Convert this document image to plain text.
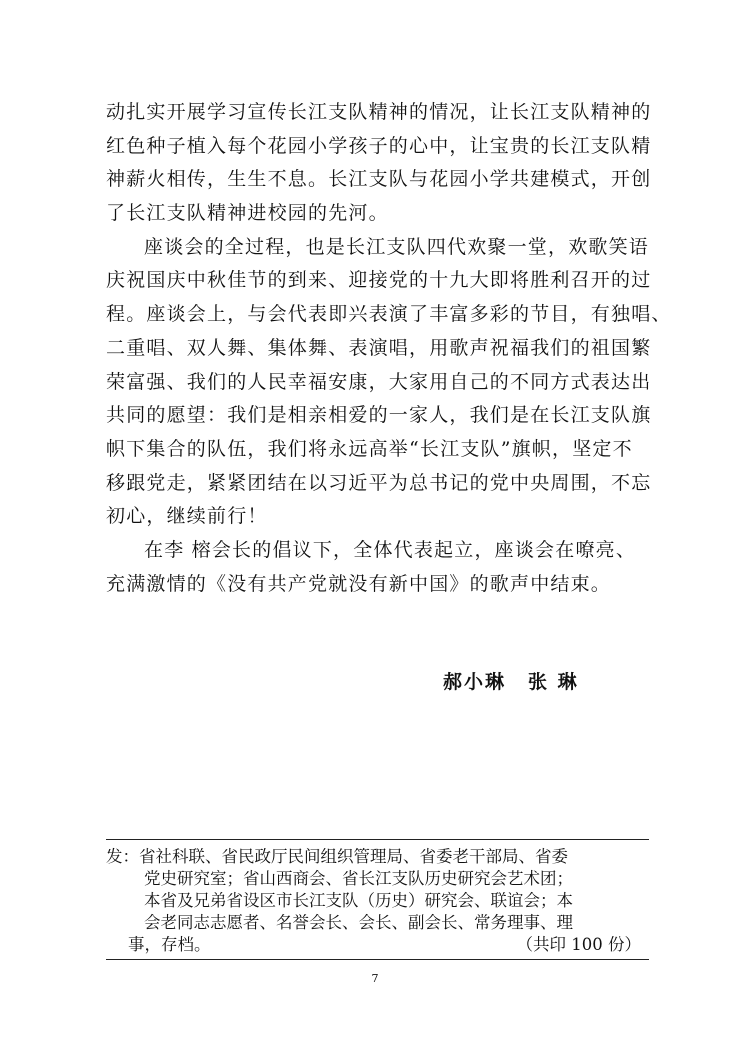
动扎实开展学习宣传长江支队精神的情况，让长江支队精神的
红色种子植入每个花园小学孩子的心中，让宝贵的长江支队精
神薪火相传，生生不息。长江支队与花园小学共建模式，开创
了长江支队精神进校园的先河。
座谈会的全过程，也是长江支队四代欢聚一堂，欢歌笑语
庆祝国庆中秋佳节的到来、迎接党的十九大即将胜利召开的过
程。座谈会上，与会代表即兴表演了丰富多彩的节目，有独唱、
二重唱、双人舞、集体舞、表演唱，用歌声祝福我们的祖国繁
荣富强、我们的人民幸福安康，大家用自己的不同方式表达出
共同的愿望：我们是相亲相爱的一家人，我们是在长江支队旗
帜下集合的队伍，我们将永远高举“长江支队”旗帜，坚定不
移跟党走，紧紧团结在以习近平为总书记的党中央周围，不忘
初心，继续前行！
在李 榕会长的倡议下，全体代表起立，座谈会在嘹亮、
充满激情的《没有共产党就没有新中国》的歌声中结束。
郝小琳 张 琳
发：省社科联、省民政厅民间组织管理局、省委老干部局、省委
党史研究室；省山西商会、省长江支队历史研究会艺术团；
本省及兄弟省设区市长江支队（历史）研究会、联谊会；本
会老同志志愿者、名誉会长、会长、副会长、常务理事、理
事，存档。	（共印 100 份）
7
